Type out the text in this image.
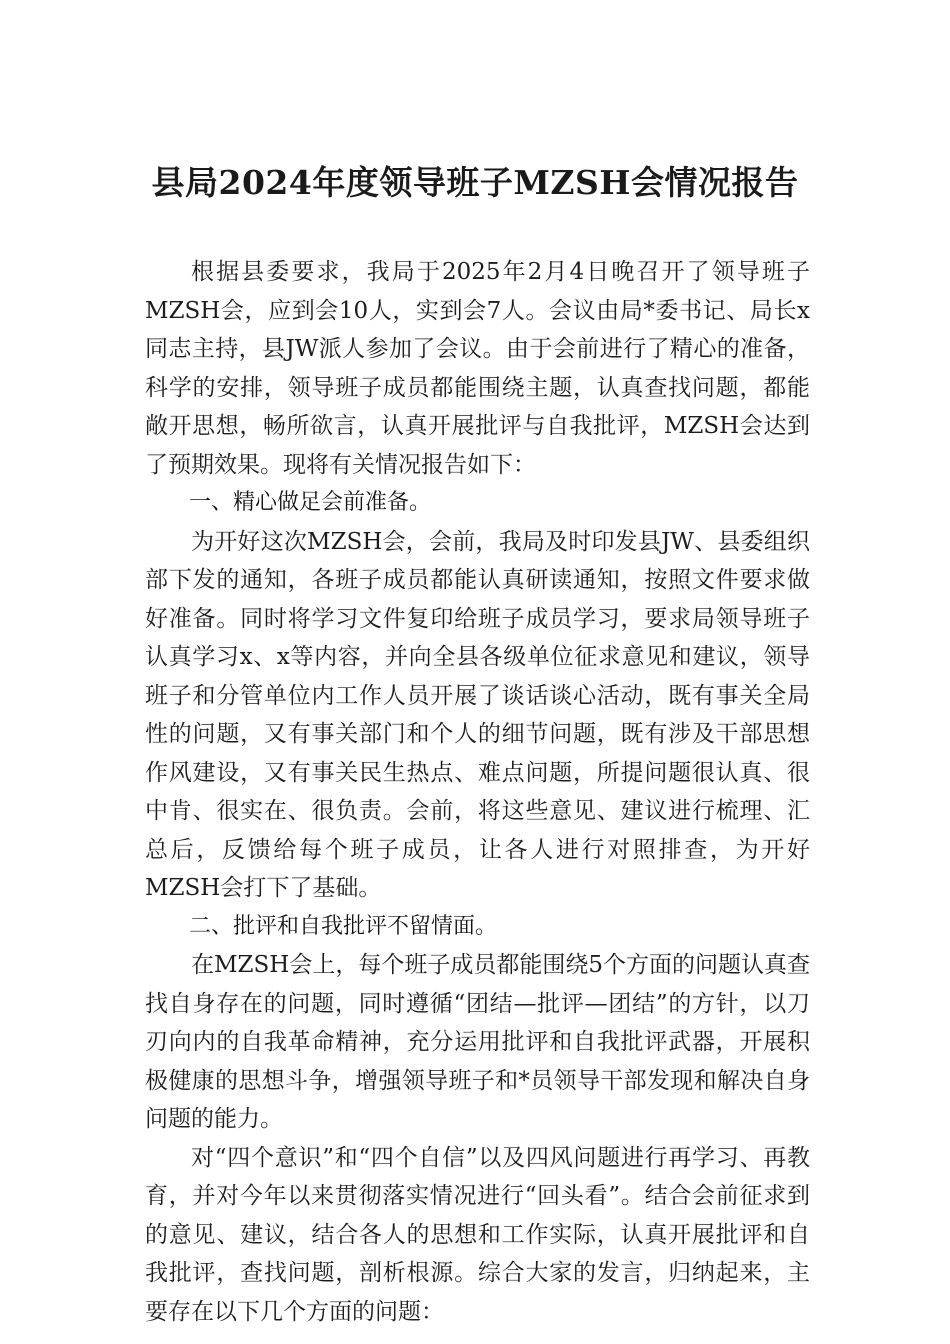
县局2024年度领导班子MZSH会情况报告

根据县委要求，我局于2025年2月4日晚召开了领导班子MZSH会，应到会10人，实到会7人。会议由局*委书记、局长x同志主持，县JW派人参加了会议。由于会前进行了精心的准备，科学的安排，领导班子成员都能围绕主题，认真查找问题，都能敞开思想，畅所欲言，认真开展批评与自我批评，MZSH会达到了预期效果。现将有关情况报告如下：

一、精心做足会前准备。

为开好这次MZSH会，会前，我局及时印发县JW、县委组织部下发的通知，各班子成员都能认真研读通知，按照文件要求做好准备。同时将学习文件复印给班子成员学习，要求局领导班子认真学习x、x等内容，并向全县各级单位征求意见和建议，领导班子和分管单位内工作人员开展了谈话谈心活动，既有事关全局性的问题，又有事关部门和个人的细节问题，既有涉及干部思想作风建设，又有事关民生热点、难点问题，所提问题很认真、很中肯、很实在、很负责。会前，将这些意见、建议进行梳理、汇总后，反馈给每个班子成员，让各人进行对照排查，为开好MZSH会打下了基础。

二、批评和自我批评不留情面。

在MZSH会上，每个班子成员都能围绕5个方面的问题认真查找自身存在的问题，同时遵循“团结—批评—团结”的方针，以刀刃向内的自我革命精神，充分运用批评和自我批评武器，开展积极健康的思想斗争，增强领导班子和*员领导干部发现和解决自身问题的能力。

对“四个意识”和“四个自信”以及四风问题进行再学习、再教育，并对今年以来贯彻落实情况进行“回头看”。结合会前征求到的意见、建议，结合各人的思想和工作实际，认真开展批评和自我批评，查找问题，剖析根源。综合大家的发言，归纳起来，主要存在以下几个方面的问题：
